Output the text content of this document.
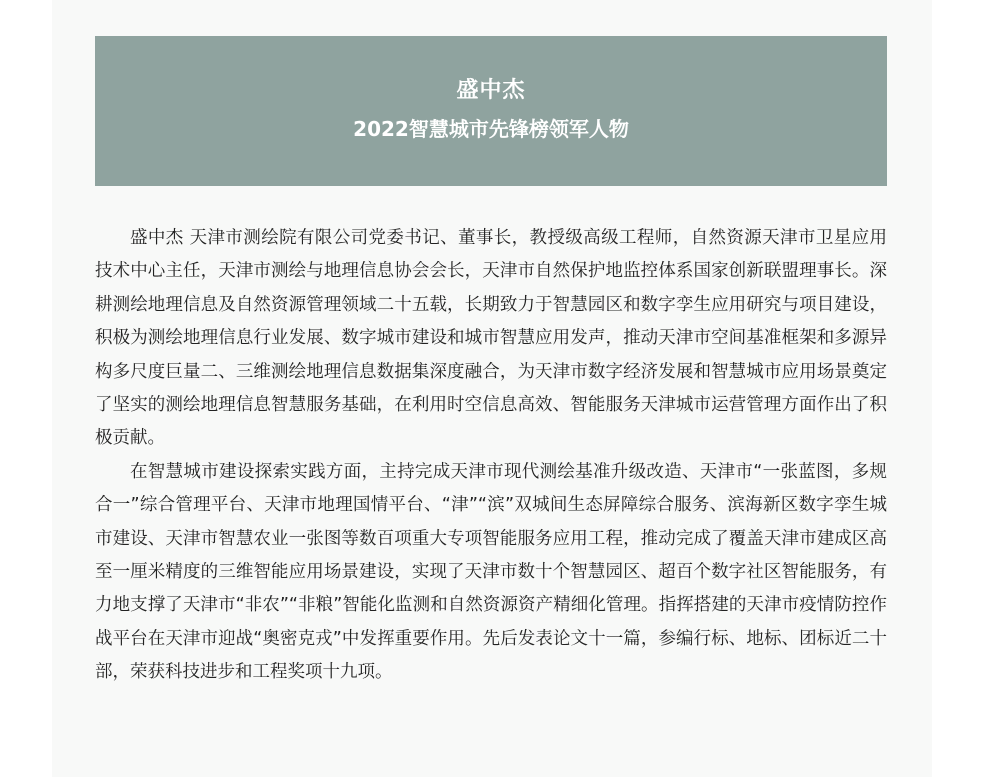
盛中杰
2022智慧城市先锋榜领军人物

盛中杰 天津市测绘院有限公司党委书记、董事长，教授级高级工程师，自然资源天津市卫星应用技术中心主任，天津市测绘与地理信息协会会长，天津市自然保护地监控体系国家创新联盟理事长。深耕测绘地理信息及自然资源管理领域二十五载，长期致力于智慧园区和数字孪生应用研究与项目建设，积极为测绘地理信息行业发展、数字城市建设和城市智慧应用发声，推动天津市空间基准框架和多源异构多尺度巨量二、三维测绘地理信息数据集深度融合，为天津市数字经济发展和智慧城市应用场景奠定了坚实的测绘地理信息智慧服务基础，在利用时空信息高效、智能服务天津城市运营管理方面作出了积极贡献。

在智慧城市建设探索实践方面，主持完成天津市现代测绘基准升级改造、天津市“一张蓝图，多规合一”综合管理平台、天津市地理国情平台、“津”“滨”双城间生态屏障综合服务、滨海新区数字孪生城市建设、天津市智慧农业一张图等数百项重大专项智能服务应用工程，推动完成了覆盖天津市建成区高至一厘米精度的三维智能应用场景建设，实现了天津市数十个智慧园区、超百个数字社区智能服务，有力地支撑了天津市“非农”“非粮”智能化监测和自然资源资产精细化管理。指挥搭建的天津市疫情防控作战平台在天津市迎战“奥密克戎”中发挥重要作用。先后发表论文十一篇，参编行标、地标、团标近二十部，荣获科技进步和工程奖项十九项。
